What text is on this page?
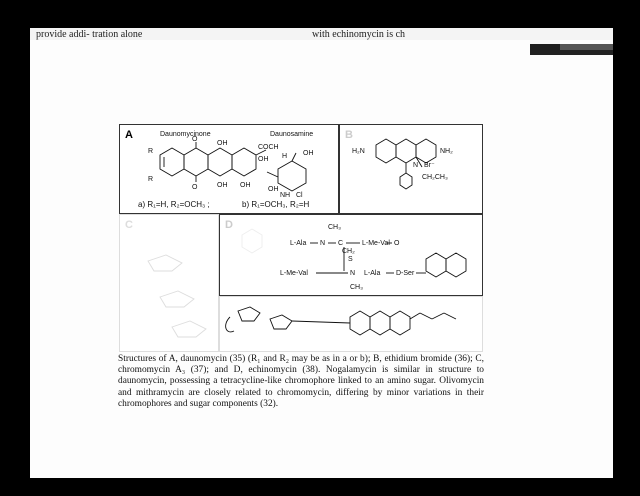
provide addi- tration alone	with echinomycin is ch
A	Daunomycinone	Daunosamine
R
R
O
O
OH
OH
COCH
OH
OH
H OH
NH Cl
OH
a) R₁=H, R₂=OCH₃ ;	b) R₁=OCH₃, R₂=H
B
H₂N	NH₂
N Br⁻
CH₂CH₃
C	D
L-Ala N
CH₃
C	L-Me-Val O
L-Me-Val
S
CH₂
N L-Ala D-Ser
CH₃
Structures of A, daunomycin (35) (R₁ and R₂ may be as in a or b); B, ethidium bromide (36); C, chromomycin A₃ (37); and D, echinomycin (38). Nogalamycin is similar in structure to daunomycin, possessing a tetracycline-like chromophore linked to an amino sugar. Olivomycin and mithramycin are closely related to chromomycin, differing by minor variations in their chromophores and sugar components (32).
